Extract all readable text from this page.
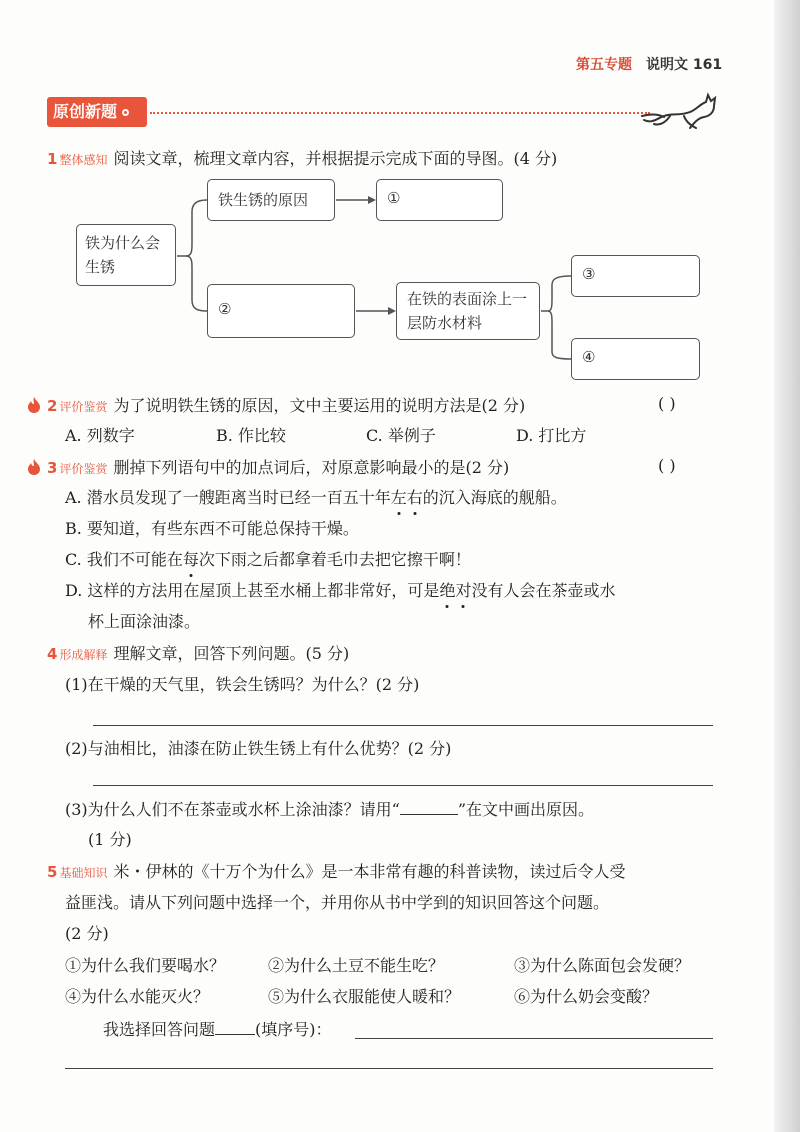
第五专题 说明文 161
原创新题
1 整体感知 阅读文章，梳理文章内容，并根据提示完成下面的导图。(4 分)
铁为什么会生锈
铁生锈的原因	①
②
在铁的表面涂上一层防水材料
③
④
2 评价鉴赏 为了说明铁生锈的原因，文中主要运用的说明方法是(2 分)	( )
A. 列数字	B. 作比较	C. 举例子	D. 打比方
3 评价鉴赏 删掉下列语句中的加点词后，对原意影响最小的是(2 分)	( )
A. 潜水员发现了一艘距离当时已经一百五十年左右的沉入海底的舰船。
B. 要知道，有些东西不可能总保持干燥。
C. 我们不可能在每次下雨之后都拿着毛巾去把它擦干啊！
D. 这样的方法用在屋顶上甚至水桶上都非常好，可是绝对没有人会在茶壶或水
杯上面涂油漆。
4 形成解释 理解文章，回答下列问题。(5 分)
(1)在干燥的天气里，铁会生锈吗？为什么？(2 分)
(2)与油相比，油漆在防止铁生锈上有什么优势？(2 分)
(3)为什么人们不在茶壶或水杯上涂油漆？请用“	”在文中画出原因。
(1 分)
5 基础知识 米・伊林的《十万个为什么》是一本非常有趣的科普读物，读过后令人受
益匪浅。请从下列问题中选择一个，并用你从书中学到的知识回答这个问题。
(2 分)
①为什么我们要喝水？	②为什么土豆不能生吃？	③为什么陈面包会发硬？
④为什么水能灭火？	⑤为什么衣服能使人暖和？	⑥为什么奶会变酸？
我选择回答问题	(填序号)：
